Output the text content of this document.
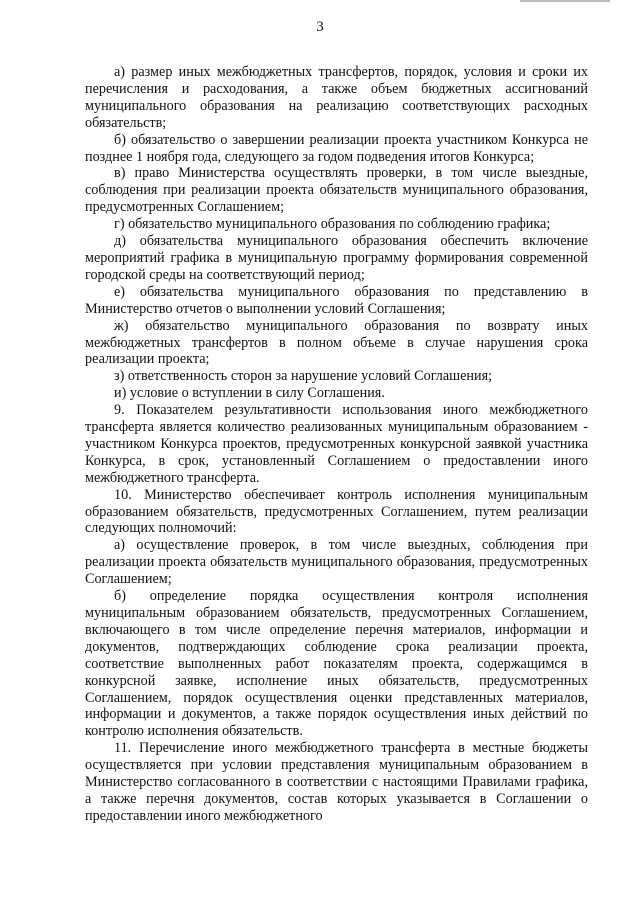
3

а) размер иных межбюджетных трансфертов, порядок, условия и сроки их перечисления и расходования, а также объем бюджетных ассигнований муниципального образования на реализацию соответствующих расходных обязательств;

б) обязательство о завершении реализации проекта участником Конкурса не позднее 1 ноября года, следующего за годом подведения итогов Конкурса;

в) право Министерства осуществлять проверки, в том числе выездные, соблюдения при реализации проекта обязательств муниципального образования, предусмотренных Соглашением;

г) обязательство муниципального образования по соблюдению графика;

д) обязательства муниципального образования обеспечить включение мероприятий графика в муниципальную программу формирования современной городской среды на соответствующий период;

е) обязательства муниципального образования по представлению в Министерство отчетов о выполнении условий Соглашения;

ж) обязательство муниципального образования по возврату иных межбюджетных трансфертов в полном объеме в случае нарушения срока реализации проекта;

з) ответственность сторон за нарушение условий Соглашения;

и) условие о вступлении в силу Соглашения.

9. Показателем результативности использования иного межбюджетного трансферта является количество реализованных муниципальным образованием - участником Конкурса проектов, предусмотренных конкурсной заявкой участника Конкурса, в срок, установленный Соглашением о предоставлении иного межбюджетного трансферта.

10. Министерство обеспечивает контроль исполнения муниципальным образованием обязательств, предусмотренных Соглашением, путем реализации следующих полномочий:

а) осуществление проверок, в том числе выездных, соблюдения при реализации проекта обязательств муниципального образования, предусмотренных Соглашением;

б) определение порядка осуществления контроля исполнения муниципальным образованием обязательств, предусмотренных Соглашением, включающего в том числе определение перечня материалов, информации и документов, подтверждающих соблюдение срока реализации проекта, соответствие выполненных работ показателям проекта, содержащимся в конкурсной заявке, исполнение иных обязательств, предусмотренных Соглашением, порядок осуществления оценки представленных материалов, информации и документов, а также порядок осуществления иных действий по контролю исполнения обязательств.

11. Перечисление иного межбюджетного трансферта в местные бюджеты осуществляется при условии представления муниципальным образованием в Министерство согласованного в соответствии с настоящими Правилами графика, а также перечня документов, состав которых указывается в Соглашении о предоставлении иного межбюджетного
